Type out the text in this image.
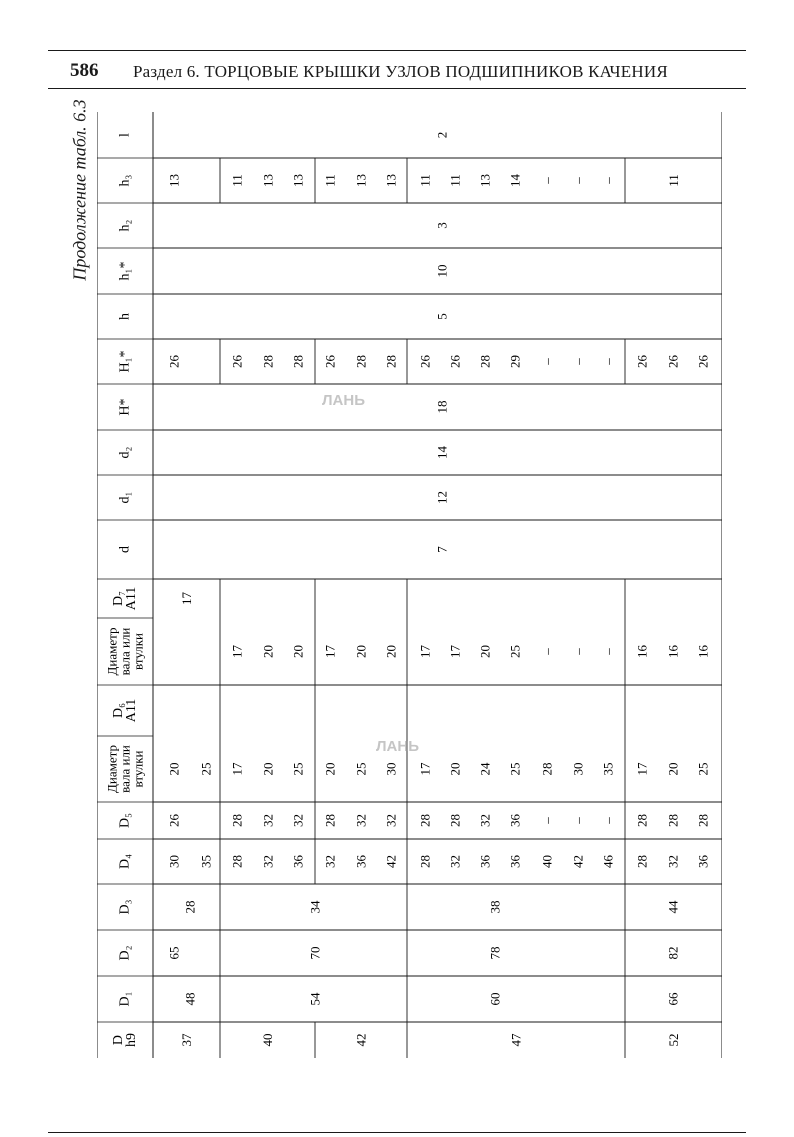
586 Раздел 6. ТОРЦОВЫЕ КРЫШКИ УЗЛОВ ПОДШИПНИКОВ КАЧЕНИЯ
Продолжение табл. 6.3
D
h9
D₁
D₂
D₃
D₄
D₅
Диаметр
вала или
втулки
D₆
A11
Диаметр
вала или
втулки
D₇
A11
d
d₁
d₂
H*
H₁*
h
h₁*
h₂
h₃
l
37
48
65
28
17
26
13
30
26
20
35
25
40
28
28
17
17
26
11
32
32
20
20
28
13
36
32
25
20
28
13
42
32
28
20
17
26
11
36
32
25
20
28
13
42
32
30
20
28
13
47
60
78
38
28
28
17
17
26
11
32
28
20
17
26
11
36
32
24
20
28
13
36
36
25
25
29
14
40
–
28
–
–
–
42
–
30
–
–
–
46
–
35
–
–
–
52
66
82
44
11
28
28
17
16
26
32
28
20
16
26
36
28
25
16
26
54
70
34
7
12
14
18
5
10
3
2
ЛАНЬ
ЛАНЬ
